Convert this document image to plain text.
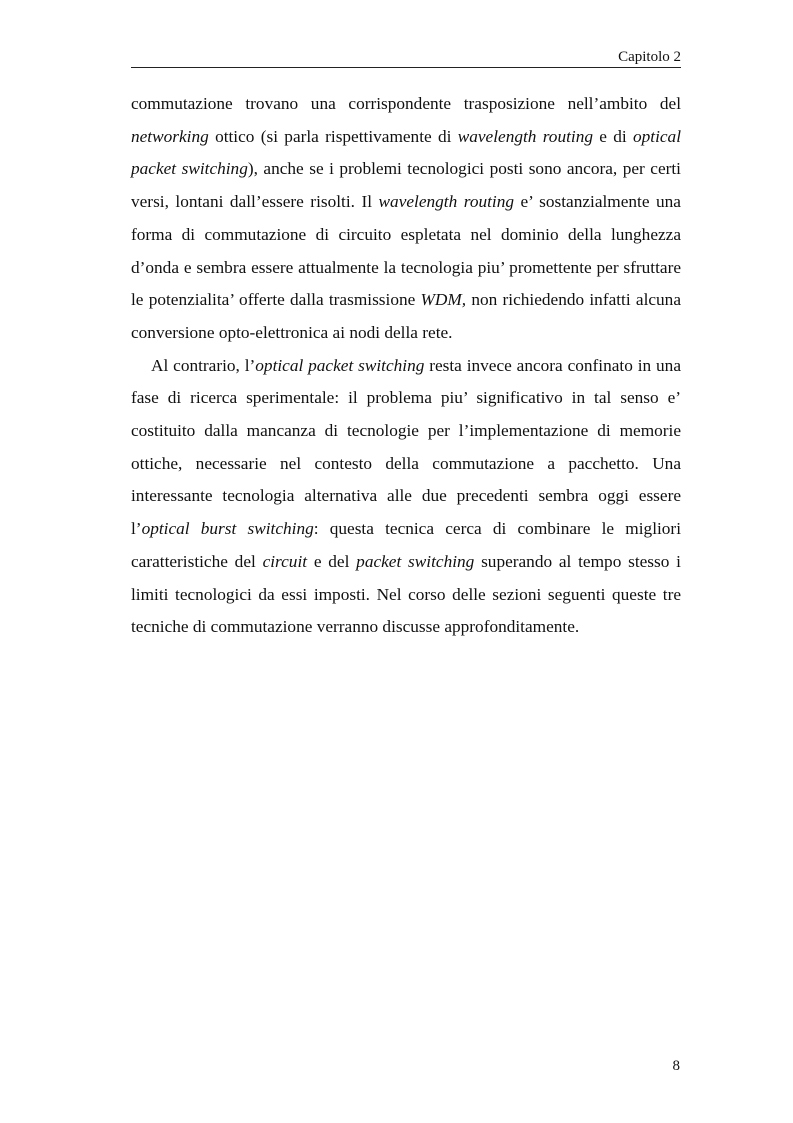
Capitolo 2

commutazione trovano una corrispondente trasposizione nell’ambito del networking ottico (si parla rispettivamente di wavelength routing e di optical packet switching), anche se i problemi tecnologici posti sono ancora, per certi versi, lontani dall’essere risolti. Il wavelength routing e’ sostanzialmente una forma di commutazione di circuito espletata nel dominio della lunghezza d’onda e sembra essere attualmente la tecnologia piu’ promettente per sfruttare le potenzialita’ offerte dalla trasmissione WDM, non richiedendo infatti alcuna conversione opto-elettronica ai nodi della rete.

Al contrario, l’optical packet switching resta invece ancora confinato in una fase di ricerca sperimentale: il problema piu’ significativo in tal senso e’ costituito dalla mancanza di tecnologie per l’implementazione di memorie ottiche, necessarie nel contesto della commutazione a pacchetto. Una interessante tecnologia alternativa alle due precedenti sembra oggi essere l’optical burst switching: questa tecnica cerca di combinare le migliori caratteristiche del circuit e del packet switching superando al tempo stesso i limiti tecnologici da essi imposti. Nel corso delle sezioni seguenti queste tre tecniche di commutazione verranno discusse approfonditamente.

8
